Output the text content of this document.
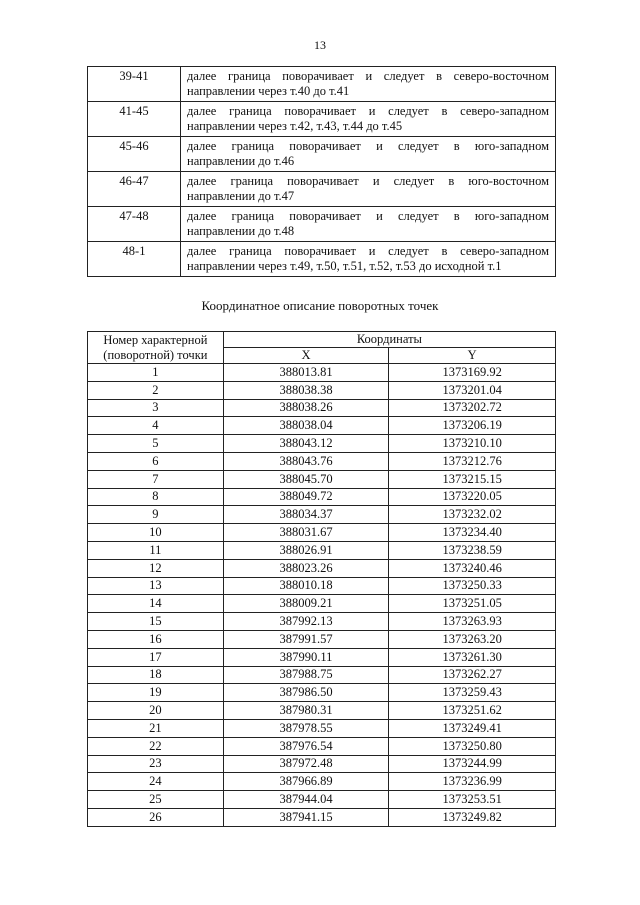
13
39-41	далее граница поворачивает и следует в северо-восточном
направлении через т.40 до т.41

41-45	далее граница поворачивает и следует в северо-западном
направлении через т.42, т.43, т.44 до т.45

45-46	далее граница поворачивает и следует в юго-западном
направлении до т.46

46-47	далее граница поворачивает и следует в юго-восточном
направлении до т.47

47-48	далее граница поворачивает и следует в юго-западном
направлении до т.48

48-1	далее граница поворачивает и следует в северо-западном
направлении через т.49, т.50, т.51, т.52, т.53 до исходной т.1
Координатное описание поворотных точек
Номер характерной
(поворотной) точки	Координаты	
	X	Y
1	388013.81	1373169.92
2	388038.38	1373201.04
3	388038.26	1373202.72
4	388038.04	1373206.19
5	388043.12	1373210.10
6	388043.76	1373212.76
7	388045.70	1373215.15
8	388049.72	1373220.05
9	388034.37	1373232.02
10	388031.67	1373234.40
11	388026.91	1373238.59
12	388023.26	1373240.46
13	388010.18	1373250.33
14	388009.21	1373251.05
15	387992.13	1373263.93
16	387991.57	1373263.20
17	387990.11	1373261.30
18	387988.75	1373262.27
19	387986.50	1373259.43
20	387980.31	1373251.62
21	387978.55	1373249.41
22	387976.54	1373250.80
23	387972.48	1373244.99
24	387966.89	1373236.99
25	387944.04	1373253.51
26	387941.15	1373249.82
